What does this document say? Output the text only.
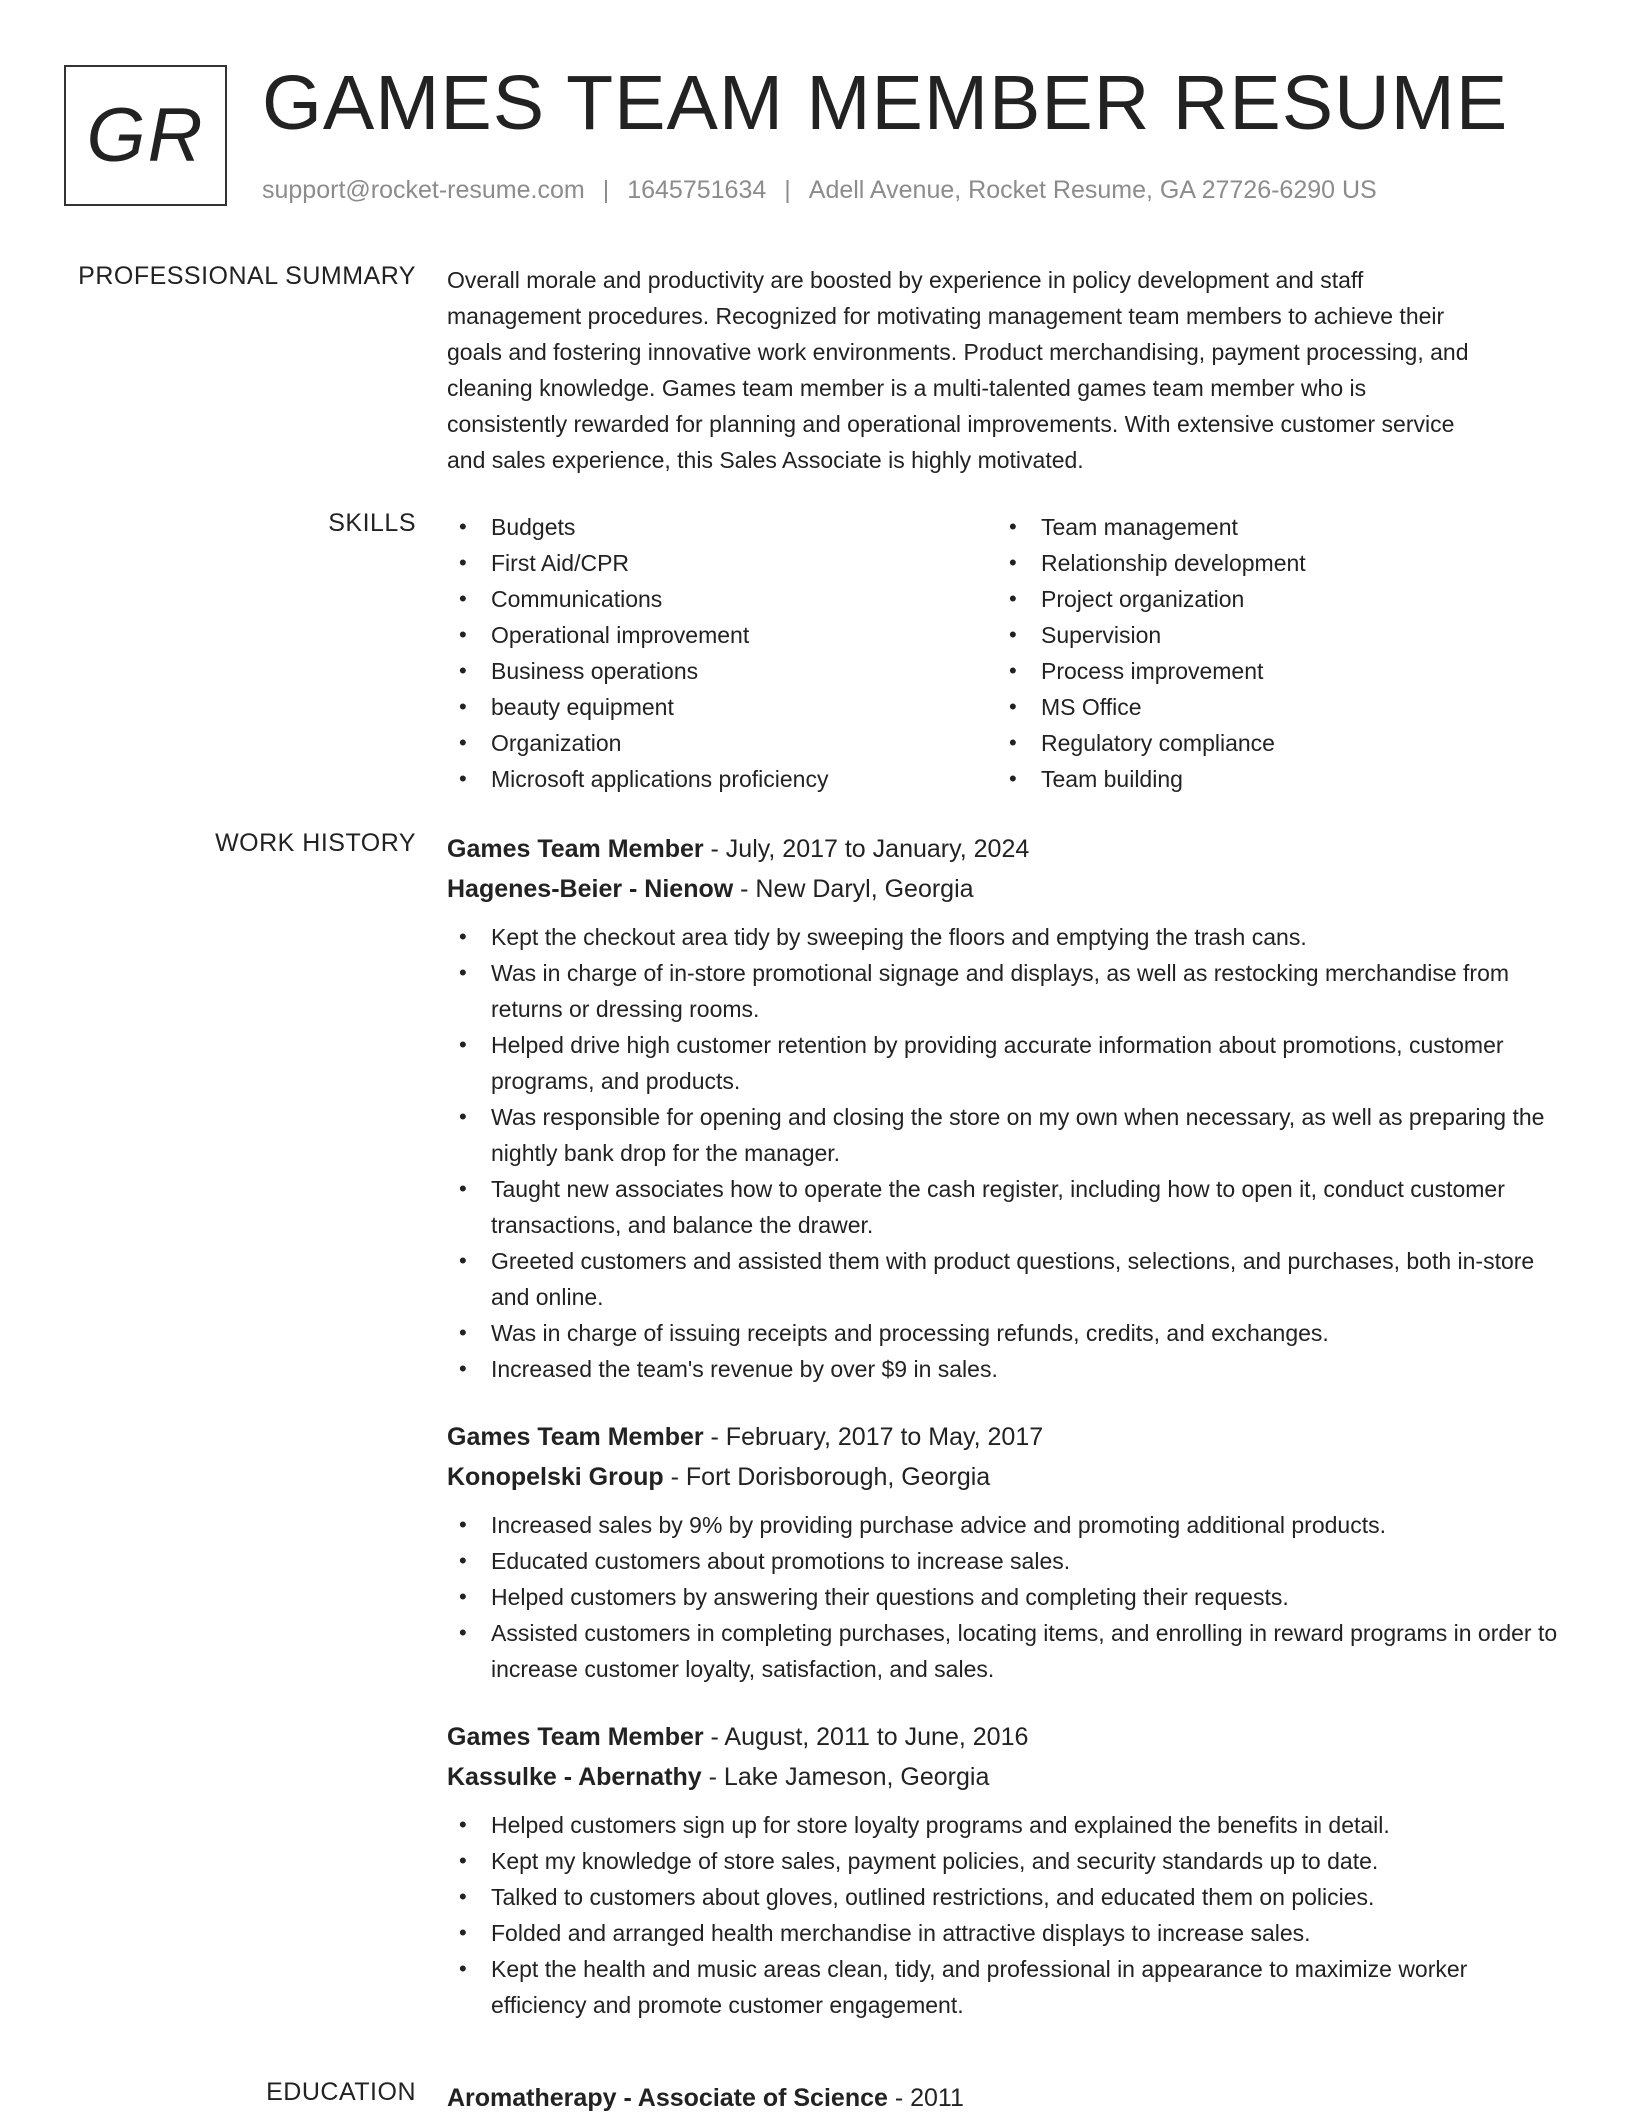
GR GAMES TEAM MEMBER RESUME
support@rocket-resume.com | 1645751634 | Adell Avenue, Rocket Resume, GA 27726-6290 US
PROFESSIONAL SUMMARY Overall morale and productivity are boosted by experience in policy development and staff

management procedures. Recognized for motivating management team members to achieve their

goals and fostering innovative work environments. Product merchandising, payment processing, and

cleaning knowledge. Games team member is a multi-talented games team member who is

consistently rewarded for planning and operational improvements. With extensive customer service

and sales experience, this Sales Associate is highly motivated.

SKILLS
•	Budgets
• First Aid/CPR
• Communications
• Operational improvement
• Business operations
• beauty equipment
• Organization
• Microsoft applications proficiency
• Team management
• Relationship development
• Project organization
• Supervision
• Process improvement
• MS Office
• Regulatory compliance
• Team building
WORK HISTORY Games Team Member - July, 2017 to January, 2024
Hagenes-Beier - Nienow - New Daryl, Georgia
• Kept the checkout area tidy by sweeping the floors and emptying the trash cans.
• Was in charge of in-store promotional signage and displays, as well as restocking merchandise from returns or dressing rooms.
• Helped drive high customer retention by providing accurate information about promotions, customer programs, and products.
• Was responsible for opening and closing the store on my own when necessary, as well as preparing the nightly bank drop for the manager.
• Taught new associates how to operate the cash register, including how to open it, conduct customer transactions, and balance the drawer.
• Greeted customers and assisted them with product questions, selections, and purchases, both in-store and online.
• Was in charge of issuing receipts and processing refunds, credits, and exchanges.
• Increased the team's revenue by over $9 in sales.
Games Team Member - February, 2017 to May, 2017
Konopelski Group - Fort Dorisborough, Georgia
• Increased sales by 9% by providing purchase advice and promoting additional products.
• Educated customers about promotions to increase sales.
• Helped customers by answering their questions and completing their requests.
• Assisted customers in completing purchases, locating items, and enrolling in reward programs in order to increase customer loyalty, satisfaction, and sales.
Games Team Member - August, 2011 to June, 2016
Kassulke - Abernathy - Lake Jameson, Georgia
• Helped customers sign up for store loyalty programs and explained the benefits in detail.
• Kept my knowledge of store sales, payment policies, and security standards up to date.
• Talked to customers about gloves, outlined restrictions, and educated them on policies.
• Folded and arranged health merchandise in attractive displays to increase sales.
• Kept the health and music areas clean, tidy, and professional in appearance to maximize worker efficiency and promote customer engagement.
EDUCATION Aromatherapy - Associate of Science - 2011
